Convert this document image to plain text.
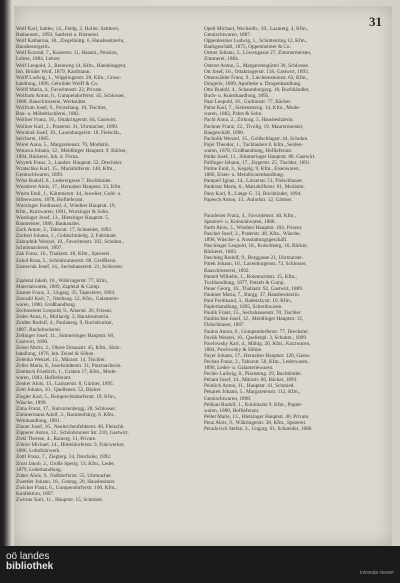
31
Wolf Karl, Sattler, 14., Feldg. 2, Holler, Sattlerei,
Rathausstr., 1893, Sattlerei u. Riemerei.
Wolf Katharina, 18., Ziegelhüttg. 6, Hausbesitzerin,
Hausbesorgerin.
Wolf Konrad, 7., Kaiserstr. 11, Hausm., Pension,
Lehrer, 1884, Lehrer.
Wolf Leopold, 3., Rennweg 14, Kfm., Handelsagent,
Inh. Brüder Wolf, 1879, Kaufmann.
Wolff Ludwig, 1., Wipplingerstr. 28, Kfm., Gross-
handlung, 1896, Gebrüder Wolff & Co.
Wolff Maria, 4., Favoritenstr. 22, Private.
Wolfram Anton, 6., Gumpendorferstr. 45, Schlosser,
1888, Bauschlosserei, Werkstätte.
Wolfrum Josef, 9., Porzellang. 10, Tischler,
Bau- u. Möbeltischlerei, 1882.
Wollner Franz, 16., Ottakringerstr. 64, Gastwirt.
Wollner Karl, 2., Praterstr. 31, Uhrmacher, 1890.
Wondrak Josef, 10., Laxenburgerstr. 18, Fleischh.,
Selcherei, 1885.
Worel Anna, 5., Margaretenstr. 70, Modistin.
Wotawa Johann, 12., Meidlinger Hauptstr. 9, Bäcker,
1894, Bäckerei, Inh. d. Firma.
Woytek Franz, 3., Landstr. Hauptstr. 52, Drechsler.
Wratschko Karl, 15., Mariahilferstr. 140, Kfm.,
Gemischtwaren, 1899.
Wrba Rudolf, 8., Lederergasse 7, Buchbinder.
Wunderer Alois, 17., Hernalser Hauptstr. 33, Kfm.
Wurm Emil, 1., Kärntnerstr. 44, Juwelier, Gold- u.
Silberwaren, 1878, Hoflieferant.
Wurzinger Ferdinand, 4., Wiedner Hauptstr. 19,
Kfm., Kurzwaren, 1891, Wurzinger & Sohn.
Wustinger Josef, 13., Hietzinger Hauptstr. 5,
Baumeister, 1886, Baukanzlei.
Zach Anton, 2., Taborstr. 17, Schneider, 1892.
Zacherl Johann, 1., Goldschmiedg. 2, Fabrikant.
Zahradnik Wenzel, 10., Favoritenstr. 102, Schuhm.,
Schuhmacherei, 1897.
Zak Franz, 16., Thaliastr. 48, Kfm., Spezerei.
Zalud Rosa, 5., Schönbrunnerstr. 88, Greißlerin.
Zamecnik Josef, 14., Sechshauserstr. 21, Schlosser.
Zapletal Jakob, 18., Währingerstr. 77, Kfm.,
Materialwaren, 1889, Zapletal & Comp.
Zauner Franz, 3., Ungarg. 35, Tapezierer, 1893.
Zawadil Karl, 7., Neubaug. 12, Kfm., Galanterie-
waren, 1880, Großhandlung.
Zechmeister Leopold, 9., Alserstr. 26, Friseur.
Zeder Anna, 6., Mollardg. 3, Hausbesitzerin.
Zeidler Rudolf, 4., Paulanerg. 9, Buchdrucker,
1887, Buchdruckerei.
Zeilinger Josef, 11., Simmeringer Hauptstr. 60,
Gastwirt, 1890.
Zeisel Moriz, 2., Obere Donaustr. 45, Kfm., Holz-
handlung, 1876, Inh. Zeisel & Söhne.
Zelenka Wenzel, 15., Märzstr. 14, Tischler.
Zeller Maria, 8., Josefstädterstr. 31, Putzmacherin.
Zembsch Friedrich, 1., Graben 17, Kfm., Mode-
waren, 1883, Hoflieferant.
Zenker Alois, 13., Lainzerstr. 8, Gärtner, 1895.
Zettl Johann, 10., Quellenstr. 52, Bäcker.
Ziegler Karl, 5., Reinprechtsdorferstr. 19, Kfm.,
Wäsche, 1898.
Zima Franz, 17., Kalvarienbergg. 28, Schlosser.
Zimmermann Adolf, 3., Rasumofskyg. 6, Kfm.,
Weinhandlung, 1881.
Zinner Josef, 16., Neulerchenfelderstr. 40, Fleischh.
Zipperer Anton, 12., Schönbrunner Str. 210, Gastwirt.
Zirkl Therese, 4., Rainerg. 11, Private.
Zöhrer Michael, 14., Hütteldorferstr. 9, Fuhrwerker,
1886, Lohnfuhrwerk.
Zottl Franz, 7., Zieglerg. 24, Drechsler, 1892.
Zrust Jakob, 2., Große Sperlg. 13, Kfm., Leder,
1879, Lederhandlung.
Zuber Alois, 9., Nußdorferstr. 55, Uhrmacher.
Zwettler Johann, 18., Gentzg. 20, Hausbesitzer.
Zwicker Franz, 6., Gumpendorferstr. 100, Kfm.,
Konfektion, 1897.
Zwirner Karl, 11., Hauptstr. 15, Schmied.
Opelt Michael, Wechselb., 18., Lazaretg. 4, Kfm.,
Gemischtwaren, 1887.
Oppenheimer Ludwig, 1., Schottenring 12, Kfm.,
Bankgeschäft, 1875, Oppenheimer & Co.
Ortner Johann, 3., Löwengasse 27, Zimmermeister,
Zimmerei, 1884.
Osterer Anton, 5., Margaretengürtel 30, Schlosser.
Ott Josef, 16., Ottakringerstr. 118, Gastwirt, 1893.
Ottenwälder Franz, 9., Liechtensteinstr. 63, Kfm.,
Drogerie, 1889, Apotheke u. Drogenhandlung.
Otto Rudolf, 4., Schaumburgerg. 18, Buchhändler,
Buch- u. Kunsthandlung, 1895.
Paar Leopold, 10., Gudrunstr. 77, Bäcker.
Pabst Karl, 7., Siebensterng. 14, Kfm., Mode-
waren, 1882, Pabst & Sohn.
Pachl Anna, 2., Zirkusg. 5, Hausbesitzerin.
Pachner Franz, 12., Tivolig. 19, Maurermeister,
Baugeschäft, 1890.
Pacholik Wenzel, 15., Goldschlagstr. 44, Schuhm.
Pajer Theodor, 1., Tuchlauben 8, Kfm., Seiden-
waren, 1878, Großhandlung, Hoflieferant.
Palda Josef, 11., Simmeringer Hauptstr. 88, Gastwirt.
Palfinger Johann, 17., Jörgerstr. 25, Tischler, 1891.
Palme Emil, 3., Kegelg. 9, Kfm., Eisenwaren,
1886, Eisen- u. Metallwarenhandlung.
Pamperl Ignaz, 14., Linzerstr. 51, Fleischhauer.
Pankratz Marie, 6., Mariahilferstr. 61, Modistin.
Pany Karl, 8., Lange G. 33, Buchbinder, 1894.
Papesch Anton, 13., Auhofstr. 12, Gärtner.
Paradeiser Franz, 4., Favoritenstr. 40, Kfm.,
Spezerei- u. Kolonialwaren, 1888.
Parth Alois, 5., Wiedner Hauptstr. 104, Friseur.
Pascher Josef, 2., Praterstr. 48, Kfm., Wäsche,
1896, Wäsche- u. Ausstattungsgeschäft.
Paschinger Leopold, 18., Kutschkerg. 16, Bäcker,
Bäckerei, 1883.
Pasching Rudolf, 9., Berggasse 21, Uhrmacher.
Patek Johann, 10., Laxenburgerstr. 73, Schlosser,
Bauschlosserei, 1892.
Patzelt Wilhelm, 1., Rotenturmstr. 15, Kfm.,
Tuchhandlung, 1877, Patzelt & Comp.
Pauer Georg, 16., Thaliastr. 92, Gastwirt, 1889.
Paukner Maria, 7., Burgg. 37, Hausbesitzerin.
Paul Ferdinand, 3., Radetzkystr. 10, Kfm.,
Papierhandlung, 1895, Schreibwaren.
Paulik Franz, 15., Sechshauserstr. 70, Tischler.
Paulitschke Josef, 12., Meidlinger Hauptstr. 31,
Fleischhauer, 1887.
Paulus Anton, 6., Gumpendorferstr. 77, Drechsler.
Pavlik Wenzel, 10., Quellenpl. 3, Schuhm., 1899.
Pawlowsky Karl, 4., Mühlg. 20, Kfm., Kurzwaren,
1884, Pawlowsky & Söhne.
Payer Johann, 17., Hernalser Hauptstr. 120, Gastw.
Pechan Franz, 2., Taborstr. 56, Kfm., Lederwaren,
1890, Leder- u. Galanteriewaren.
Pecher Ludwig, 8., Piaristeng. 29, Buchbinder.
Peham Josef, 14., Märzstr. 66, Bäcker, 1893.
Peinlich Anton, 11., Hauptstr. 41, Schmied.
Pekarek Johann, 5., Margaretenstr. 112, Kfm.,
Gemischtwaren, 1898.
Pelikan Rudolf, 1., Kohlmarkt 9, Kfm., Papier-
waren, 1880, Hoflieferant.
Pellet Marie, 13., Hietzinger Hauptstr. 40, Private.
Penz Alois, 9., Währingerstr. 38, Kfm., Spezerei.
Peradovich Stefan, 3., Ungarg. 61, Schneider, 1886.
oö landes
bibliothek
intranda viewer
